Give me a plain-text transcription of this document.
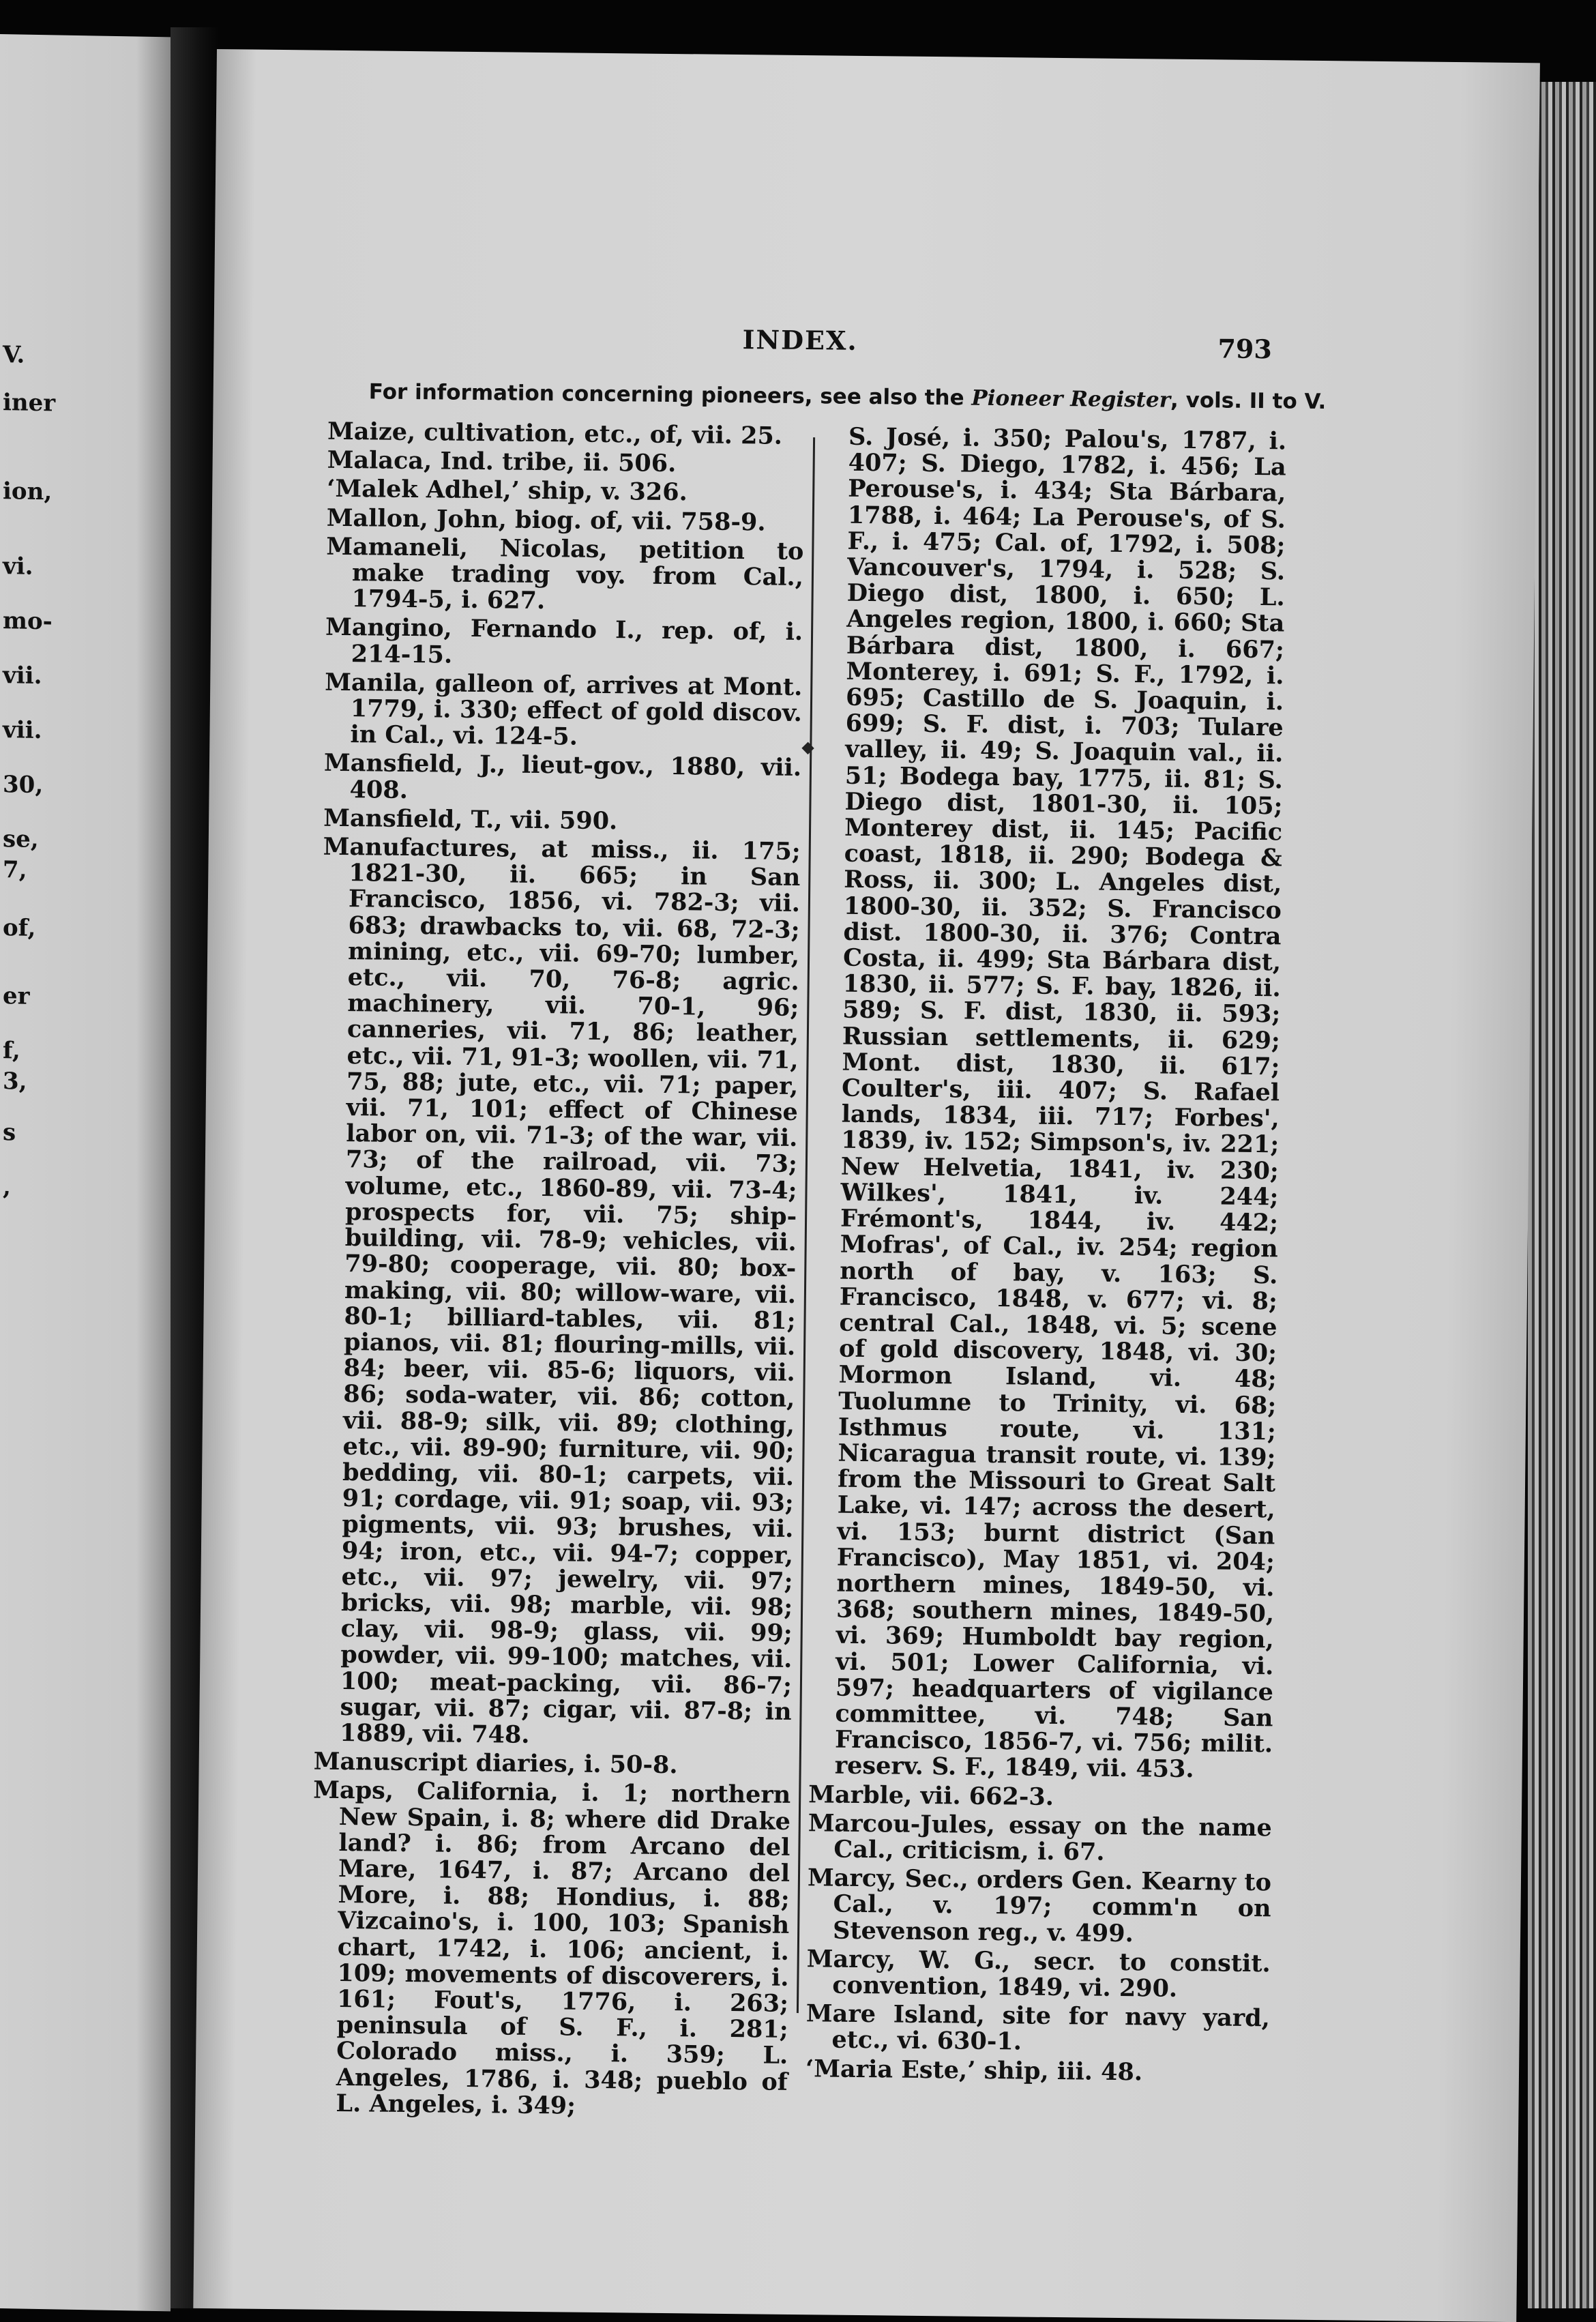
V.
iner
ion,
vi.
mo-
vii.
vii.
30,
se,
7,
of,
er
f,
3,
s
,
INDEX.	793
For information concerning pioneers, see also the Pioneer Register, vols. II to V.

Maize, cultivation, etc., of, vii. 25.

Malaca, Ind. tribe, ii. 506.

‘Malek Adhel,’ ship, v. 326.

Mallon, John, biog. of, vii. 758-9.

Mamaneli, Nicolas, petition to make trading voy. from Cal., 1794-5, i. 627.

Mangino, Fernando I., rep. of, i. 214-15.

Manila, galleon of, arrives at Mont. 1779, i. 330; effect of gold discov. in Cal., vi. 124-5.

Mansfield, J., lieut-gov., 1880, vii. 408.

Mansfield, T., vii. 590.

Manufactures, at miss., ii. 175; 1821-30, ii. 665; in San Francisco, 1856, vi. 782-3; vii. 683; drawbacks to, vii. 68, 72-3; mining, etc., vii. 69-70; lumber, etc., vii. 70, 76-8; agric. machinery, vii. 70-1, 96; canneries, vii. 71, 86; leather, etc., vii. 71, 91-3; woollen, vii. 71, 75, 88; jute, etc., vii. 71; paper, vii. 71, 101; effect of Chinese labor on, vii. 71-3; of the war, vii. 73; of the railroad, vii. 73; volume, etc., 1860-89, vii. 73-4; prospects for, vii. 75; ship-building, vii. 78-9; vehicles, vii. 79-80; cooperage, vii. 80; box-making, vii. 80; willow-ware, vii. 80-1; billiard-tables, vii. 81; pianos, vii. 81; flouring-mills, vii. 84; beer, vii. 85-6; liquors, vii. 86; soda-water, vii. 86; cotton, vii. 88-9; silk, vii. 89; clothing, etc., vii. 89-90; furniture, vii. 90; bedding, vii. 80-1; carpets, vii. 91; cordage, vii. 91; soap, vii. 93; pigments, vii. 93; brushes, vii. 94; iron, etc., vii. 94-7; copper, etc., vii. 97; jewelry, vii. 97; bricks, vii. 98; marble, vii. 98; clay, vii. 98-9; glass, vii. 99; powder, vii. 99-100; matches, vii. 100; meat-packing, vii. 86-7; sugar, vii. 87; cigar, vii. 87-8; in 1889, vii. 748.

Manuscript diaries, i. 50-8.

Maps, California, i. 1; northern New Spain, i. 8; where did Drake land? i. 86; from Arcano del Mare, 1647, i. 87; Arcano del More, i. 88; Hondius, i. 88; Vizcaino's, i. 100, 103; Spanish chart, 1742, i. 106; ancient, i. 109; movements of discoverers, i. 161; Fout's, 1776, i. 263; peninsula of S. F., i. 281; Colorado miss., i. 359; L. Angeles, 1786, i. 348; pueblo of L. Angeles, i. 349;

◆

S. José, i. 350; Palou's, 1787, i. 407; S. Diego, 1782, i. 456; La Perouse's, i. 434; Sta Bárbara, 1788, i. 464; La Perouse's, of S. F., i. 475; Cal. of, 1792, i. 508; Vancouver's, 1794, i. 528; S. Diego dist, 1800, i. 650; L. Angeles region, 1800, i. 660; Sta Bárbara dist, 1800, i. 667; Monterey, i. 691; S. F., 1792, i. 695; Castillo de S. Joaquin, i. 699; S. F. dist, i. 703; Tulare valley, ii. 49; S. Joaquin val., ii. 51; Bodega bay, 1775, ii. 81; S. Diego dist, 1801-30, ii. 105; Monterey dist, ii. 145; Pacific coast, 1818, ii. 290; Bodega & Ross, ii. 300; L. Angeles dist, 1800-30, ii. 352; S. Francisco dist. 1800-30, ii. 376; Contra Costa, ii. 499; Sta Bárbara dist, 1830, ii. 577; S. F. bay, 1826, ii. 589; S. F. dist, 1830, ii. 593; Russian settlements, ii. 629; Mont. dist, 1830, ii. 617; Coulter's, iii. 407; S. Rafael lands, 1834, iii. 717; Forbes', 1839, iv. 152; Simpson's, iv. 221; New Helvetia, 1841, iv. 230; Wilkes', 1841, iv. 244; Frémont's, 1844, iv. 442; Mofras', of Cal., iv. 254; region north of bay, v. 163; S. Francisco, 1848, v. 677; vi. 8; central Cal., 1848, vi. 5; scene of gold discovery, 1848, vi. 30; Mormon Island, vi. 48; Tuolumne to Trinity, vi. 68; Isthmus route, vi. 131; Nicaragua transit route, vi. 139; from the Missouri to Great Salt Lake, vi. 147; across the desert, vi. 153; burnt district (San Francisco), May 1851, vi. 204; northern mines, 1849-50, vi. 368; southern mines, 1849-50, vi. 369; Humboldt bay region, vi. 501; Lower California, vi. 597; headquarters of vigilance committee, vi. 748; San Francisco, 1856-7, vi. 756; milit. reserv. S. F., 1849, vii. 453.

Marble, vii. 662-3.

Marcou-Jules, essay on the name Cal., criticism, i. 67.

Marcy, Sec., orders Gen. Kearny to Cal., v. 197; comm'n on Stevenson reg., v. 499.

Marcy, W. G., secr. to constit. convention, 1849, vi. 290.

Mare Island, site for navy yard, etc., vi. 630-1.

‘Maria Este,’ ship, iii. 48.
